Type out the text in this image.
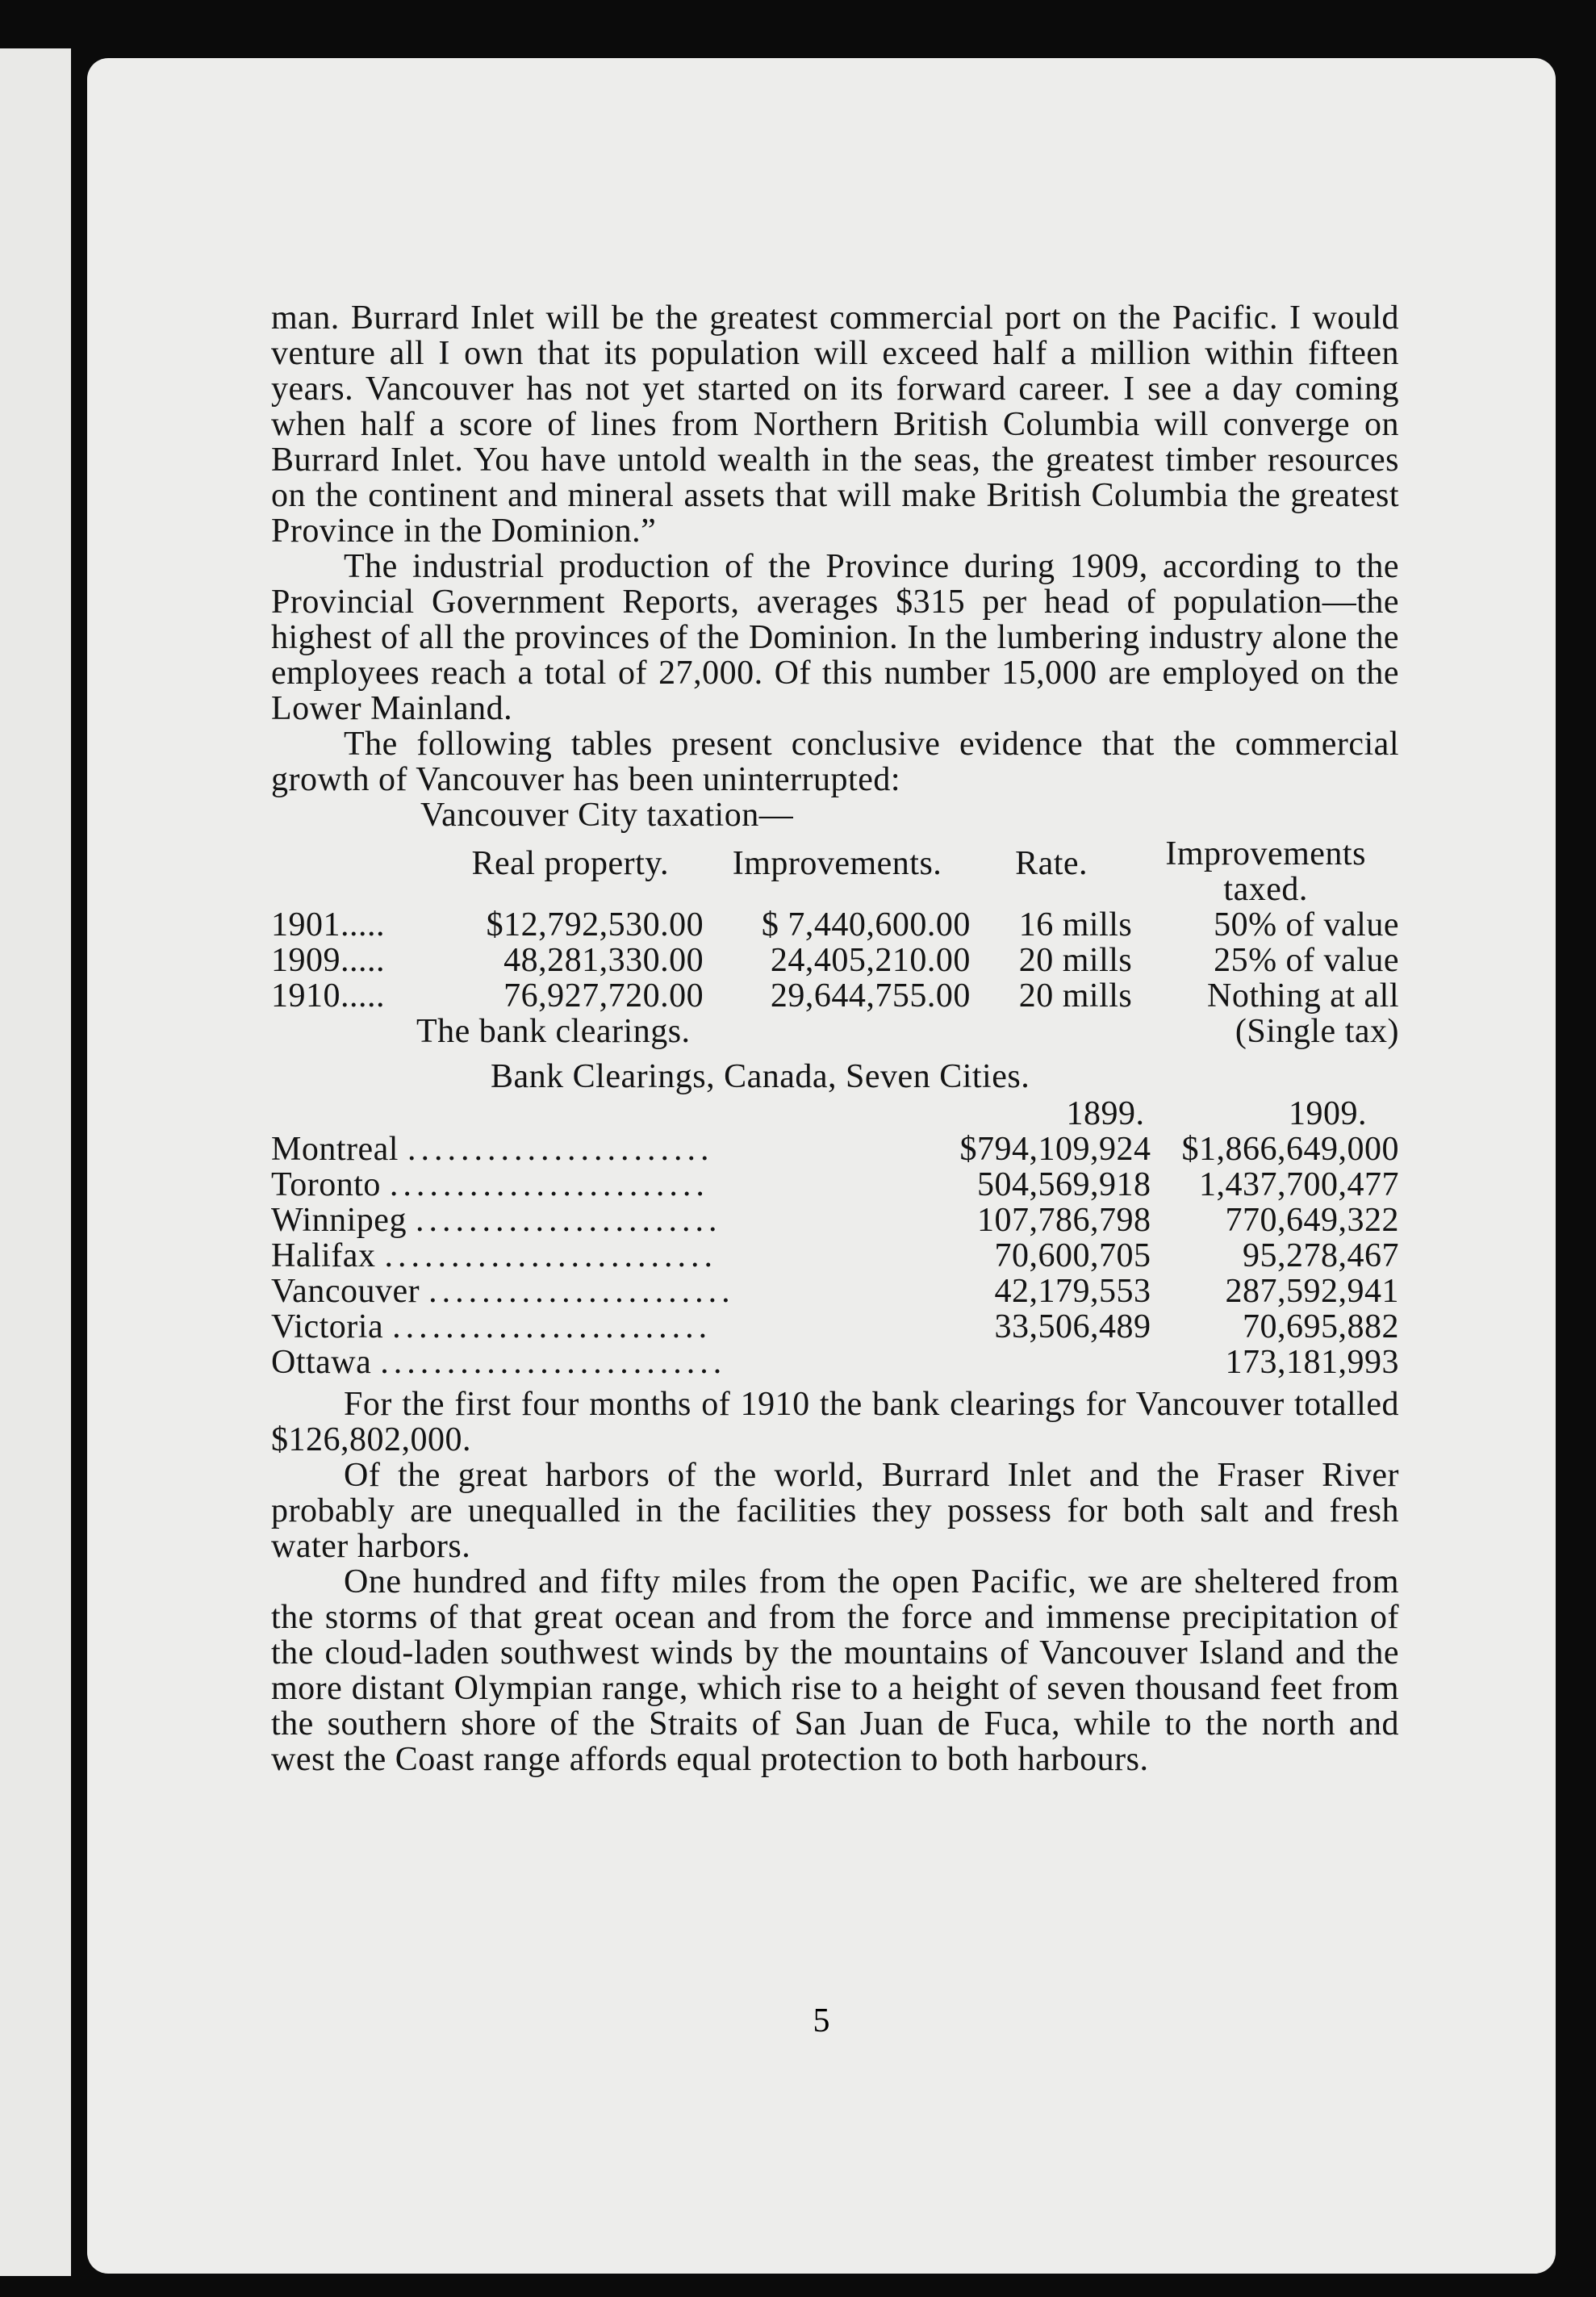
man. Burrard Inlet will be the greatest commercial port on the Pacific. I would venture all I own that its population will exceed half a million within fifteen years. Vancouver has not yet started on its forward career. I see a day coming when half a score of lines from Northern British Columbia will converge on Burrard Inlet. You have untold wealth in the seas, the greatest timber resources on the continent and mineral assets that will make British Columbia the greatest Province in the Dominion.”

The industrial production of the Province during 1909, according to the Provincial Government Reports, averages $315 per head of population—the highest of all the provinces of the Dominion. In the lumbering industry alone the employees reach a total of 27,000. Of this number 15,000 are employed on the Lower Mainland.

The following tables present conclusive evidence that the commercial growth of Vancouver has been uninterrupted:

Vancouver City taxation—
	Real property.	Improvements.	Rate.	Improvements taxed.
1901.....	$12,792,530.00	$ 7,440,600.00	16 mills	50% of value
1909.....	48,281,330.00	24,405,210.00	20 mills	25% of value
1910.....	76,927,720.00	29,644,755.00	20 mills	Nothing at all
				(Single tax)
The bank clearings.
Bank Clearings, Canada, Seven Cities.
	1899.	1909.
Montreal .......................	$794,109,924	$1,866,649,000
Toronto ........................	504,569,918	1,437,700,477
Winnipeg .......................	107,786,798	770,649,322
Halifax .........................	70,600,705	95,278,467
Vancouver .......................	42,179,553	287,592,941
Victoria ........................	33,506,489	70,695,882
Ottawa ..........................		173,181,993

For the first four months of 1910 the bank clearings for Vancouver totalled $126,802,000.

Of the great harbors of the world, Burrard Inlet and the Fraser River probably are unequalled in the facilities they possess for both salt and fresh water harbors.

One hundred and fifty miles from the open Pacific, we are sheltered from the storms of that great ocean and from the force and immense precipitation of the cloud-laden southwest winds by the mountains of Vancouver Island and the more distant Olympian range, which rise to a height of seven thousand feet from the southern shore of the Straits of San Juan de Fuca, while to the north and west the Coast range affords equal protection to both harbours.

5
